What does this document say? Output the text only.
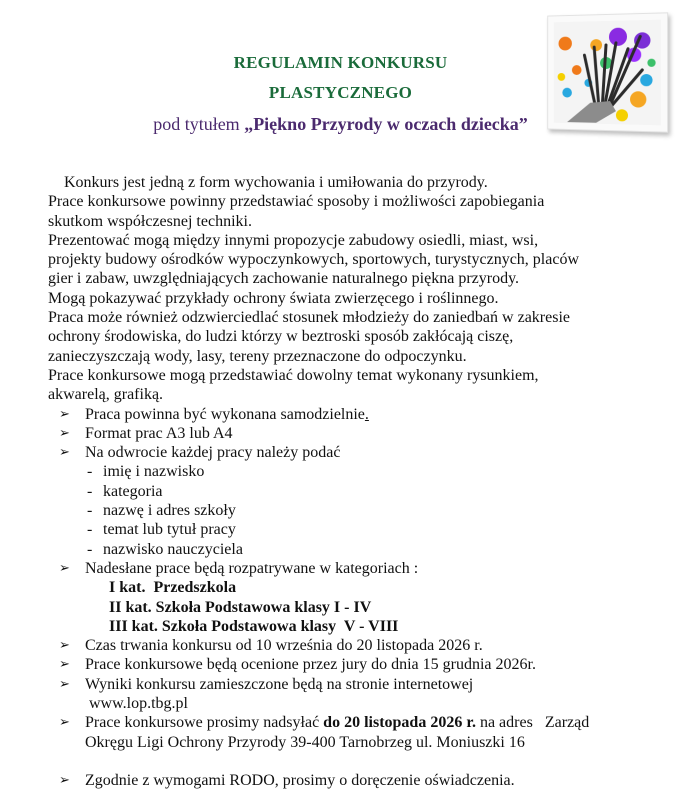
REGULAMIN KONKURSU
PLASTYCZNEGO
pod tytułem „Piękno Przyrody w oczach dziecka”

Konkurs jest jedną z form wychowania i umiłowania do przyrody.

Prace konkursowe powinny przedstawiać sposoby i możliwości zapobiegania

skutkom współczesnej techniki.

Prezentować mogą między innymi propozycje zabudowy osiedli, miast, wsi,

projekty budowy ośrodków wypoczynkowych, sportowych, turystycznych, placów

gier i zabaw, uwzględniających zachowanie naturalnego piękna przyrody.

Mogą pokazywać przykłady ochrony świata zwierzęcego i roślinnego.

Praca może również odzwierciedlać stosunek młodzieży do zaniedbań w zakresie

ochrony środowiska, do ludzi którzy w beztroski sposób zakłócają ciszę,

zanieczyszczają wody, lasy, tereny przeznaczone do odpoczynku.

Prace konkursowe mogą przedstawiać dowolny temat wykonany rysunkiem,

akwarelą, grafiką.

➢ Praca powinna być wykonana samodzielnie.
➢ Format prac A3 lub A4
➢ Na odwrocie każdej pracy należy podać
- imię i nazwisko
- kategoria
- nazwę i adres szkoły
- temat lub tytuł pracy
- nazwisko nauczyciela
➢ Nadesłane prace będą rozpatrywane w kategoriach :
I kat.  Przedszkola
II kat. Szkoła Podstawowa klasy I - IV
III kat. Szkoła Podstawowa klasy  V - VIII
➢ Czas trwania konkursu od 10 września do 20 listopada 2026 r.
➢ Prace konkursowe będą ocenione przez jury do dnia 15 grudnia 2026r.
➢ Wyniki konkursu zamieszczone będą na stronie internetowej
www.lop.tbg.pl
➢ Prace konkursowe prosimy nadsyłać do 20 listopada 2026 r. na adres   Zarząd
Okręgu Ligi Ochrony Przyrody 39-400 Tarnobrzeg ul. Moniuszki 16
➢ Zgodnie z wymogami RODO, prosimy o doręczenie oświadczenia.
